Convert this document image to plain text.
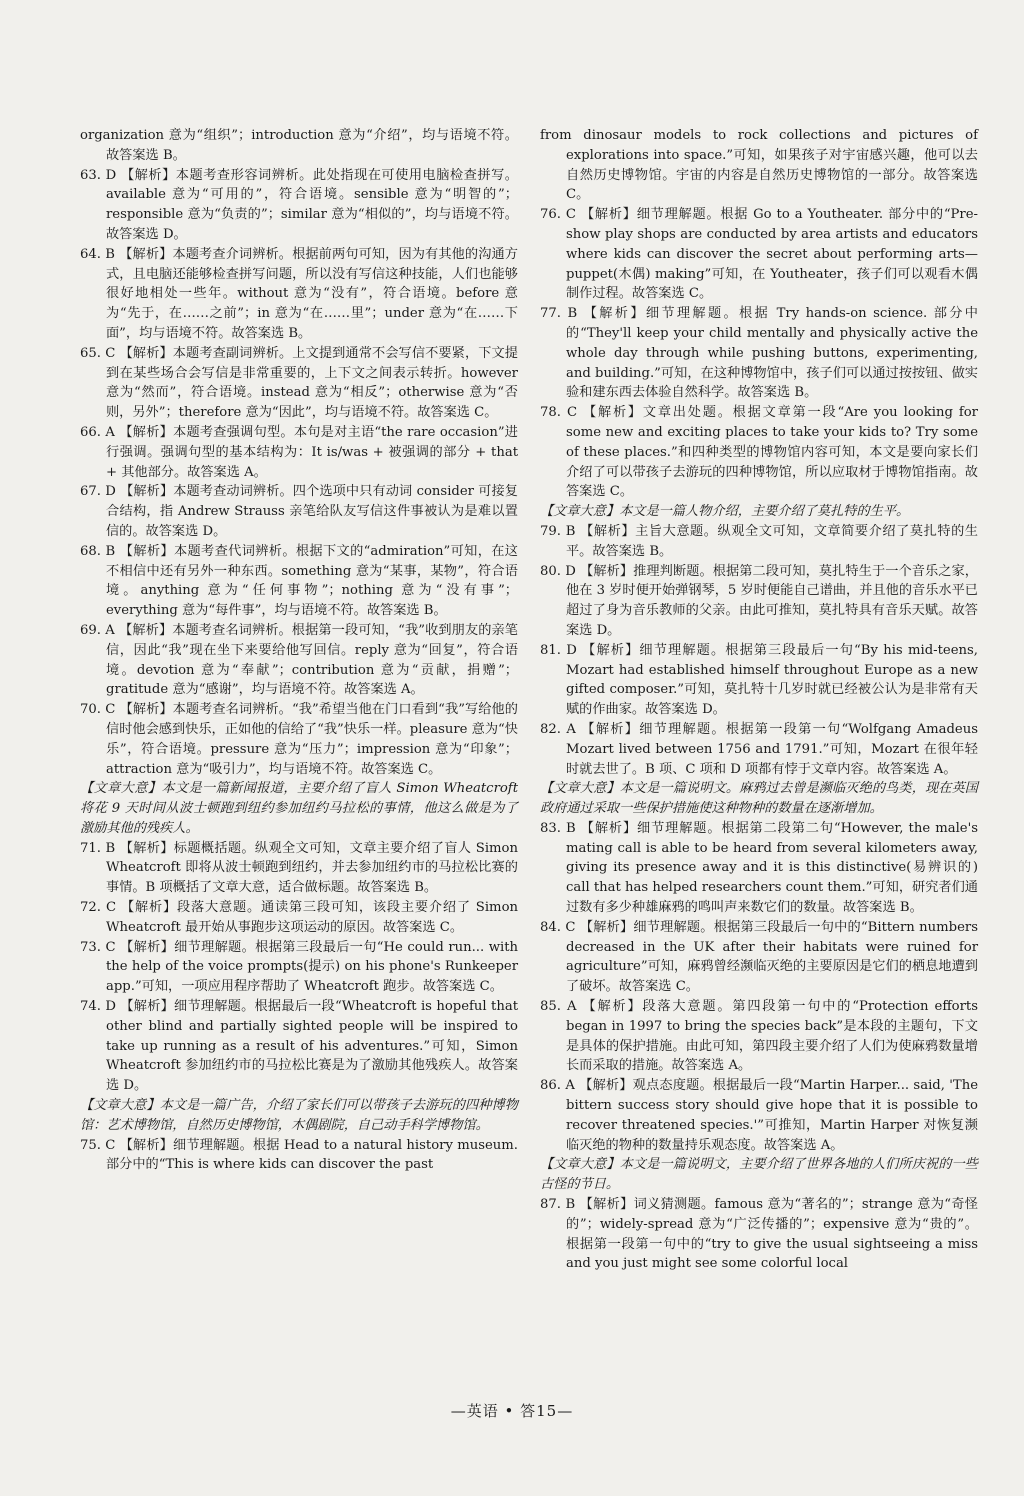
organization 意为“组织”；introduction 意为“介绍”，均与语境不符。故答案选 B。

63. D 【解析】本题考查形容词辨析。此处指现在可使用电脑检查拼写。available 意为“可用的”，符合语境。sensible 意为“明智的”；responsible 意为“负责的”；similar 意为“相似的”，均与语境不符。故答案选 D。

64. B 【解析】本题考查介词辨析。根据前两句可知，因为有其他的沟通方式，且电脑还能够检查拼写问题，所以没有写信这种技能，人们也能够很好地相处一些年。without 意为“没有”，符合语境。before 意为“先于，在……之前”；in 意为“在……里”；under 意为“在……下面”，均与语境不符。故答案选 B。

65. C 【解析】本题考查副词辨析。上文提到通常不会写信不要紧，下文提到在某些场合会写信是非常重要的，上下文之间表示转折。however 意为“然而”，符合语境。instead 意为“相反”；otherwise 意为“否则，另外”；therefore 意为“因此”，均与语境不符。故答案选 C。

66. A 【解析】本题考查强调句型。本句是对主语“the rare occasion”进行强调。强调句型的基本结构为：It is/was + 被强调的部分 + that + 其他部分。故答案选 A。

67. D 【解析】本题考查动词辨析。四个选项中只有动词 consider 可接复合结构，指 Andrew Strauss 亲笔给队友写信这件事被认为是难以置信的。故答案选 D。

68. B 【解析】本题考查代词辨析。根据下文的“admiration”可知，在这不相信中还有另外一种东西。something 意为“某事，某物”，符合语境。anything 意为“任何事物”；nothing 意为“没有事”；everything 意为“每件事”，均与语境不符。故答案选 B。

69. A 【解析】本题考查名词辨析。根据第一段可知，“我”收到朋友的亲笔信，因此“我”现在坐下来要给他写回信。reply 意为“回复”，符合语境。devotion 意为“奉献”；contribution 意为“贡献，捐赠”；gratitude 意为“感谢”，均与语境不符。故答案选 A。

70. C 【解析】本题考查名词辨析。“我”希望当他在门口看到“我”写给他的信时他会感到快乐，正如他的信给了“我”快乐一样。pleasure 意为“快乐”，符合语境。pressure 意为“压力”；impression 意为“印象”；attraction 意为“吸引力”，均与语境不符。故答案选 C。

【文章大意】本文是一篇新闻报道，主要介绍了盲人 Simon Wheatcroft 将花 9 天时间从波士顿跑到纽约参加纽约马拉松的事情，他这么做是为了激励其他的残疾人。

71. B 【解析】标题概括题。纵观全文可知，文章主要介绍了盲人 Simon Wheatcroft 即将从波士顿跑到纽约，并去参加纽约市的马拉松比赛的事情。B 项概括了文章大意，适合做标题。故答案选 B。

72. C 【解析】段落大意题。通读第三段可知，该段主要介绍了 Simon Wheatcroft 最开始从事跑步这项运动的原因。故答案选 C。

73. C 【解析】细节理解题。根据第三段最后一句“He could run... with the help of the voice prompts(提示) on his phone's Runkeeper app.”可知，一项应用程序帮助了 Wheatcroft 跑步。故答案选 C。

74. D 【解析】细节理解题。根据最后一段“Wheatcroft is hopeful that other blind and partially sighted people will be inspired to take up running as a result of his adventures.”可知，Simon Wheatcroft 参加纽约市的马拉松比赛是为了激励其他残疾人。故答案选 D。

【文章大意】本文是一篇广告，介绍了家长们可以带孩子去游玩的四种博物馆：艺术博物馆，自然历史博物馆，木偶剧院，自己动手科学博物馆。

75. C 【解析】细节理解题。根据 Head to a natural history museum. 部分中的“This is where kids can discover the past

from dinosaur models to rock collections and pictures of explorations into space.”可知，如果孩子对宇宙感兴趣，他可以去自然历史博物馆。宇宙的内容是自然历史博物馆的一部分。故答案选 C。

76. C 【解析】细节理解题。根据 Go to a Youtheater. 部分中的“Pre-show play shops are conducted by area artists and educators where kids can discover the secret about performing arts—puppet(木偶) making”可知，在 Youtheater，孩子们可以观看木偶制作过程。故答案选 C。

77. B 【解析】细节理解题。根据 Try hands-on science. 部分中的“They'll keep your child mentally and physically active the whole day through while pushing buttons, experimenting, and building.”可知，在这种博物馆中，孩子们可以通过按按钮、做实验和建东西去体验自然科学。故答案选 B。

78. C 【解析】文章出处题。根据文章第一段“Are you looking for some new and exciting places to take your kids to? Try some of these places.”和四种类型的博物馆内容可知，本文是要向家长们介绍了可以带孩子去游玩的四种博物馆，所以应取材于博物馆指南。故答案选 C。

【文章大意】本文是一篇人物介绍，主要介绍了莫扎特的生平。

79. B 【解析】主旨大意题。纵观全文可知，文章简要介绍了莫扎特的生平。故答案选 B。

80. D 【解析】推理判断题。根据第二段可知，莫扎特生于一个音乐之家，他在 3 岁时便开始弹钢琴，5 岁时便能自己谱曲，并且他的音乐水平已超过了身为音乐教师的父亲。由此可推知，莫扎特具有音乐天赋。故答案选 D。

81. D 【解析】细节理解题。根据第三段最后一句“By his mid-teens, Mozart had established himself throughout Europe as a new gifted composer.”可知，莫扎特十几岁时就已经被公认为是非常有天赋的作曲家。故答案选 D。

82. A 【解析】细节理解题。根据第一段第一句“Wolfgang Amadeus Mozart lived between 1756 and 1791.”可知，Mozart 在很年轻时就去世了。B 项、C 项和 D 项都有悖于文章内容。故答案选 A。

【文章大意】本文是一篇说明文。麻鸦过去曾是濒临灭绝的鸟类，现在英国政府通过采取一些保护措施使这种物种的数量在逐渐增加。

83. B 【解析】细节理解题。根据第二段第二句“However, the male's mating call is able to be heard from several kilometers away, giving its presence away and it is this distinctive(易辨识的) call that has helped researchers count them.”可知，研究者们通过数有多少种雄麻鸦的鸣叫声来数它们的数量。故答案选 B。

84. C 【解析】细节理解题。根据第三段最后一句中的“Bittern numbers decreased in the UK after their habitats were ruined for agriculture”可知，麻鸦曾经濒临灭绝的主要原因是它们的栖息地遭到了破坏。故答案选 C。

85. A 【解析】段落大意题。第四段第一句中的“Protection efforts began in 1997 to bring the species back”是本段的主题句，下文是具体的保护措施。由此可知，第四段主要介绍了人们为使麻鸦数量增长而采取的措施。故答案选 A。

86. A 【解析】观点态度题。根据最后一段“Martin Harper... said, 'The bittern success story should give hope that it is possible to recover threatened species.'”可推知，Martin Harper 对恢复濒临灭绝的物种的数量持乐观态度。故答案选 A。

【文章大意】本文是一篇说明文，主要介绍了世界各地的人们所庆祝的一些古怪的节日。

87. B 【解析】词义猜测题。famous 意为“著名的”；strange 意为“奇怪的”；widely-spread 意为“广泛传播的”；expensive 意为“贵的”。根据第一段第一句中的“try to give the usual sightseeing a miss and you just might see some colorful local

—英语 • 答15—
